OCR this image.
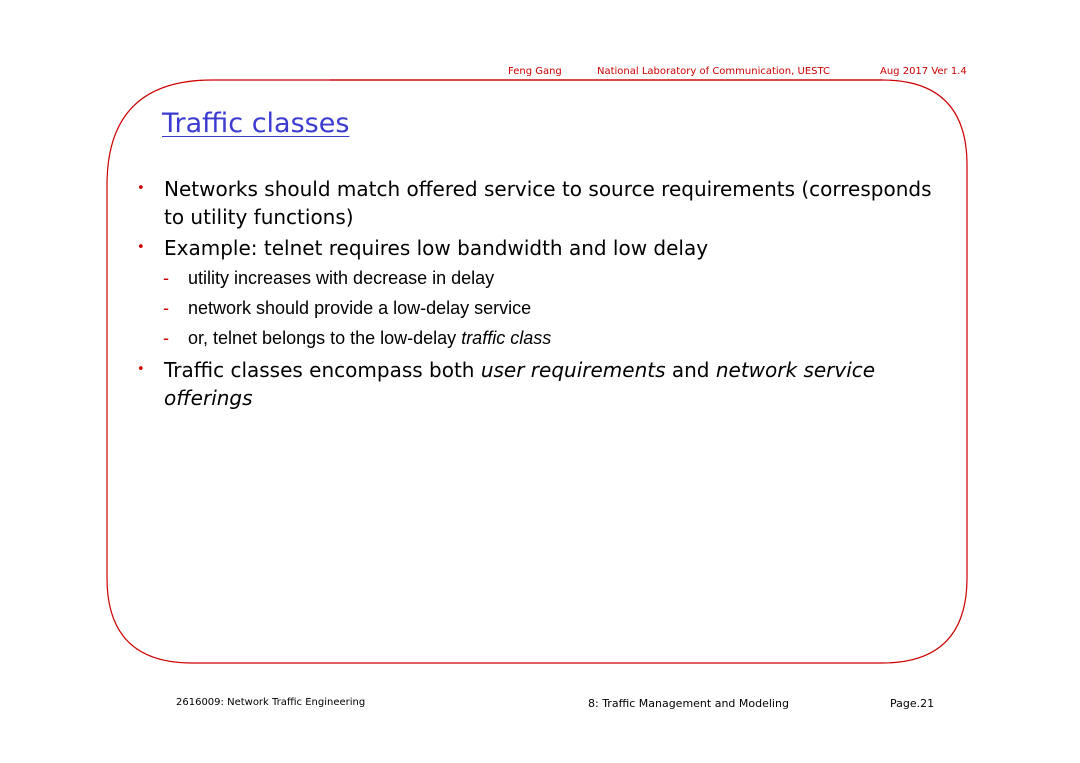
Feng Gang	National Laboratory of Communication, UESTC	Aug 2017 Ver 1.4
Traffic classes
• Networks should match offered service to source requirements (corresponds to utility functions)
• Example: telnet requires low bandwidth and low delay
- utility increases with decrease in delay
- network should provide a low-delay service
- or, telnet belongs to the low-delay traffic class
• Traffic classes encompass both user requirements and network service offerings
2616009: Network Traffic Engineering	8: Traffic Management and Modeling	Page.21
